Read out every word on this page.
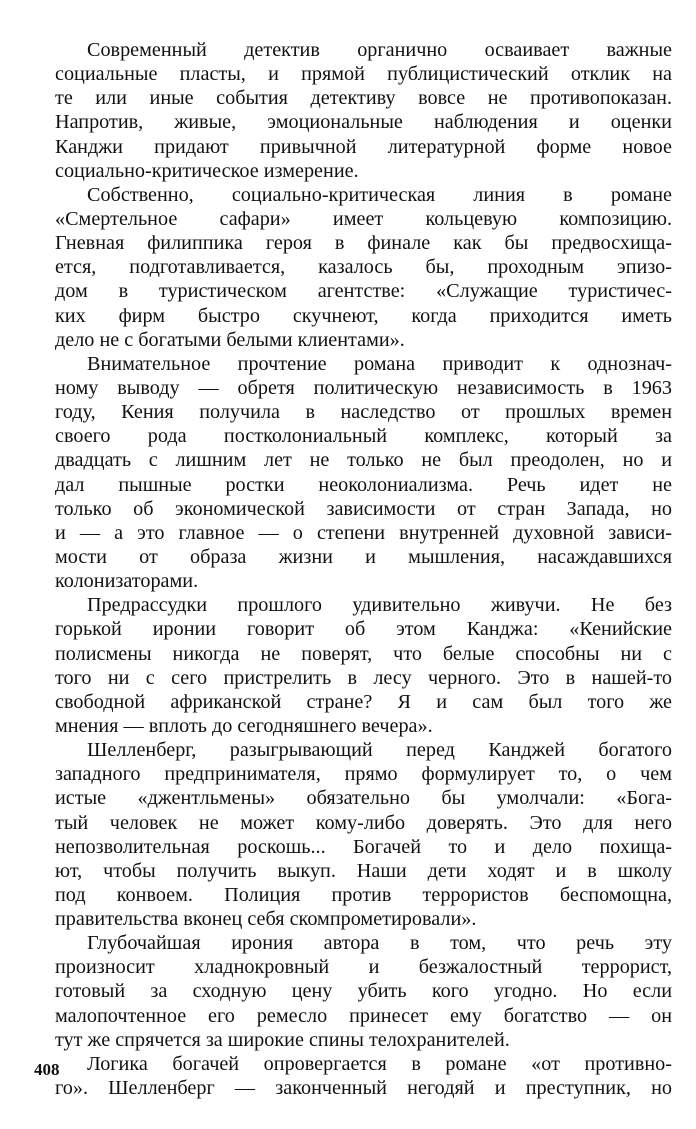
Современный детектив органично осваивает важные
социальные пласты, и прямой публицистический отклик на
те или иные события детективу вовсе не противопоказан.
Напротив, живые, эмоциональные наблюдения и оценки
Канджи придают привычной литературной форме новое
социально-критическое измерение.
Собственно, социально-критическая линия в романе
«Смертельное сафари» имеет кольцевую композицию.
Гневная филиппика героя в финале как бы предвосхища-
ется, подготавливается, казалось бы, проходным эпизо-
дом в туристическом агентстве: «Служащие туристичес-
ких фирм быстро скучнеют, когда приходится иметь
дело не с богатыми белыми клиентами».
Внимательное прочтение романа приводит к однознач-
ному выводу — обретя политическую независимость в 1963
году, Кения получила в наследство от прошлых времен
своего рода постколониальный комплекс, который за
двадцать с лишним лет не только не был преодолен, но и
дал пышные ростки неоколониализма. Речь идет не
только об экономической зависимости от стран Запада, но
и — а это главное — о степени внутренней духовной зависи-
мости от образа жизни и мышления, насаждавшихся
колонизаторами.
Предрассудки прошлого удивительно живучи. Не без
горькой иронии говорит об этом Канджа: «Кенийские
полисмены никогда не поверят, что белые способны ни с
того ни с сего пристрелить в лесу черного. Это в нашей-то
свободной африканской стране? Я и сам был того же
мнения — вплоть до сегодняшнего вечера».
Шелленберг, разыгрывающий перед Канджей богатого
западного предпринимателя, прямо формулирует то, о чем
истые «джентльмены» обязательно бы умолчали: «Бога-
тый человек не может кому-либо доверять. Это для него
непозволительная роскошь... Богачей то и дело похища-
ют, чтобы получить выкуп. Наши дети ходят и в школу
под конвоем. Полиция против террористов беспомощна,
правительства вконец себя скомпрометировали».
Глубочайшая ирония автора в том, что речь эту
произносит хладнокровный и безжалостный террорист,
готовый за сходную цену убить кого угодно. Но если
малопочтенное его ремесло принесет ему богатство — он
тут же спрячется за широкие спины телохранителей.
Логика богачей опровергается в романе «от противно-
го». Шелленберг — законченный негодяй и преступник, но
408
